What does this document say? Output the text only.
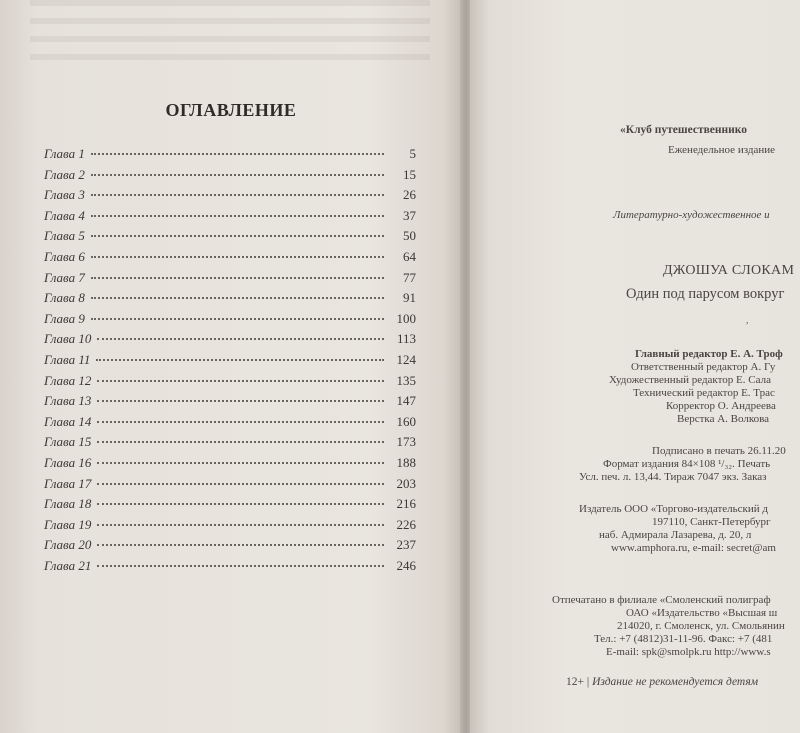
ОГЛАВЛЕНИЕ
Глава 1	5
Глава 2	15
Глава 3	26
Глава 4	37
Глава 5	50
Глава 6	64
Глава 7	77
Глава 8	91
Глава 9	100
Глава 10	113
Глава 11	124
Глава 12	135
Глава 13	147
Глава 14	160
Глава 15	173
Глава 16	188
Глава 17	203
Глава 18	216
Глава 19	226
Глава 20	237
Глава 21	246
«Клуб путешественнико
Еженедельное издание
Литературно-художественное и
ДЖОШУА СЛОКАМ
Один под парусом вокруг
,
Главный редактор Е. А. Троф
Ответственный редактор А. Гу
Художественный редактор Е. Сала
Технический редактор Е. Трас
Корректор О. Андреева
Верстка А. Волкова
Подписано в печать 26.11.20
Формат издания 84×108 ¹/₃₂. Печать
Усл. печ. л. 13,44. Тираж 7047 экз. Заказ
Издатель ООО «Торгово-издательский д
197110, Санкт-Петербург
наб. Адмирала Лазарева, д. 20, л
www.amphora.ru, e-mail: secret@am
Отпечатано в филиале «Смоленский полиграф
ОАО «Издательство «Высшая ш
214020, г. Смоленск, ул. Смольянин
Тел.: +7 (4812)31-11-96. Факс: +7 (481
E-mail: spk@smolpk.ru http://www.s
12+ | Издание не рекомендуется детям
